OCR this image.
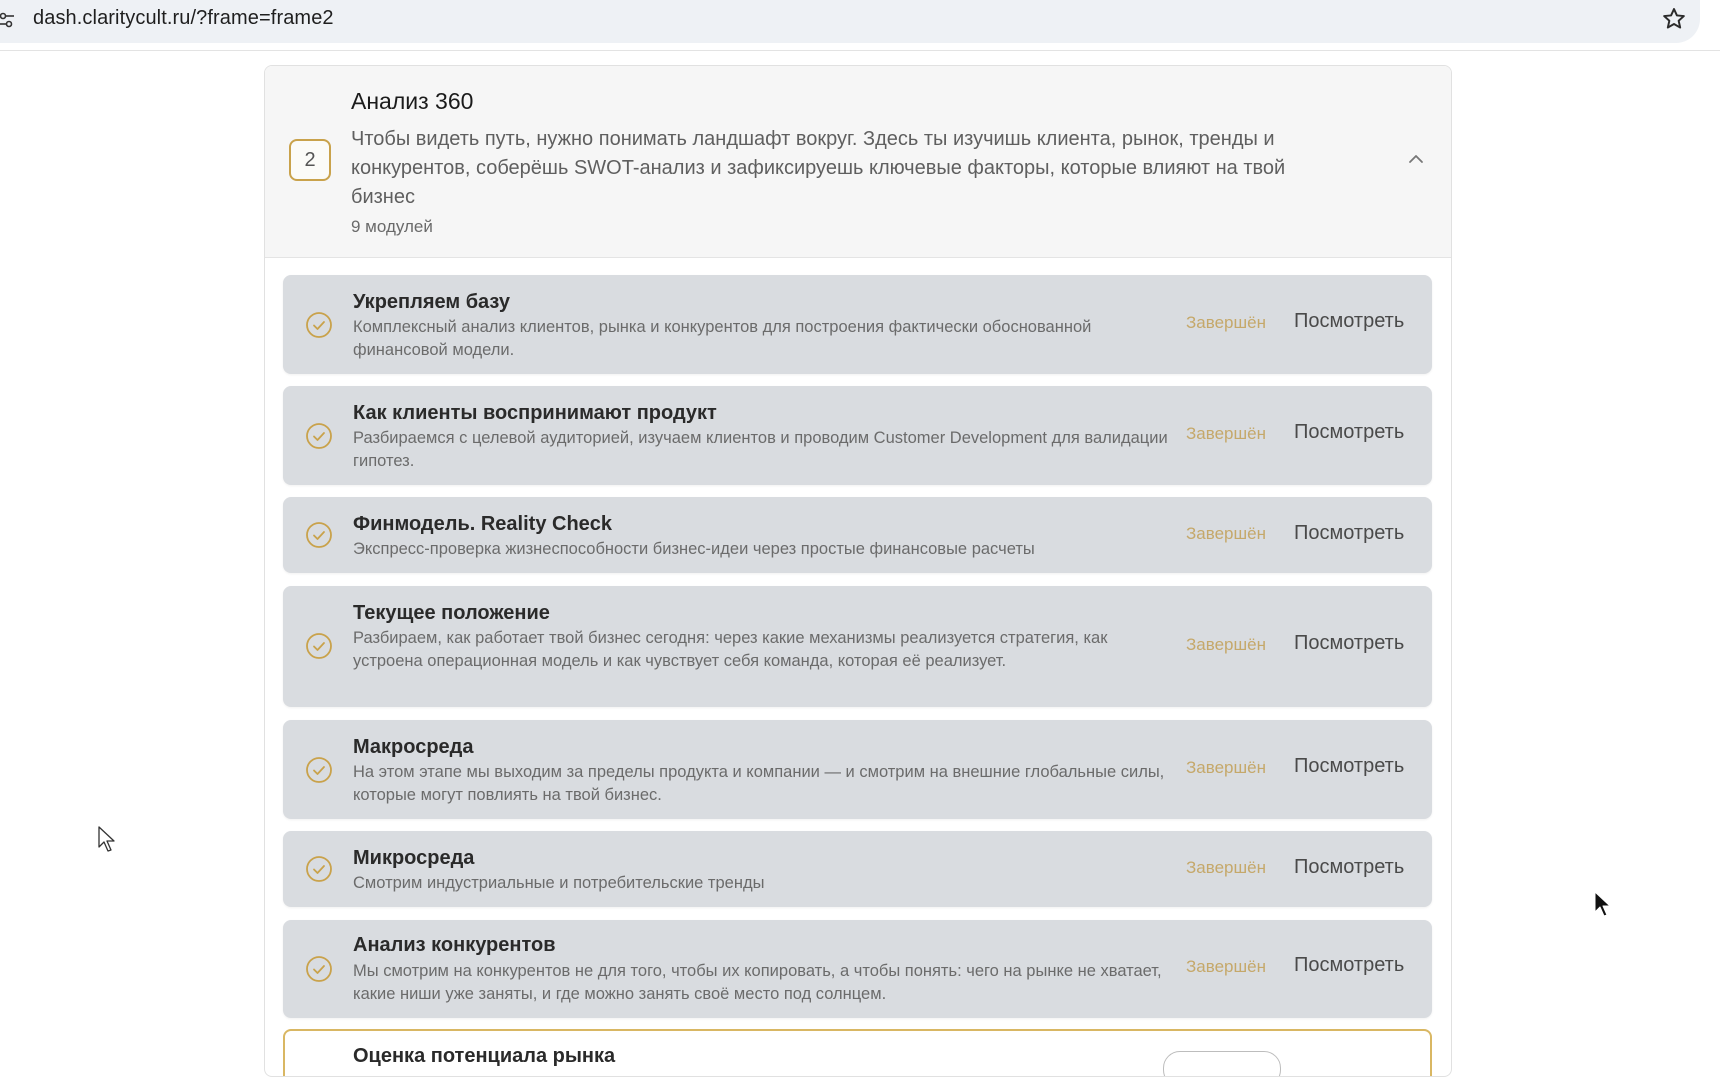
dash.claritycult.ru/?frame=frame2
2
Анализ 360
Чтобы видеть путь, нужно понимать ландшафт вокруг. Здесь ты изучишь клиента, рынок, тренды и конкурентов, соберёшь SWOT-анализ и зафиксируешь ключевые факторы, которые влияют на твой бизнес
9 модулей
Укрепляем базу
Комплексный анализ клиентов, рынка и конкурентов для построения фактически обоснованной финансовой модели.
Завершён Посмотреть
Как клиенты воспринимают продукт
Разбираемся с целевой аудиторией, изучаем клиентов и проводим Customer Development для валидации гипотез.
Завершён Посмотреть
Финмодель. Reality Check
Экспресс-проверка жизнеспособности бизнес-идеи через простые финансовые расчеты
Завершён Посмотреть
Текущее положение
Разбираем, как работает твой бизнес сегодня: через какие механизмы реализуется стратегия, как устроена операционная модель и как чувствует себя команда, которая её реализует.
Завершён Посмотреть
Макросреда
На этом этапе мы выходим за пределы продукта и компании — и смотрим на внешние глобальные силы, которые могут повлиять на твой бизнес.
Завершён Посмотреть
Микросреда
Смотрим индустриальные и потребительские тренды
Завершён Посмотреть
Анализ конкурентов
Мы смотрим на конкурентов не для того, чтобы их копировать, а чтобы понять: чего на рынке не хватает, какие ниши уже заняты, и где можно занять своё место под солнцем.
Завершён Посмотреть
Оценка потенциала рынка
